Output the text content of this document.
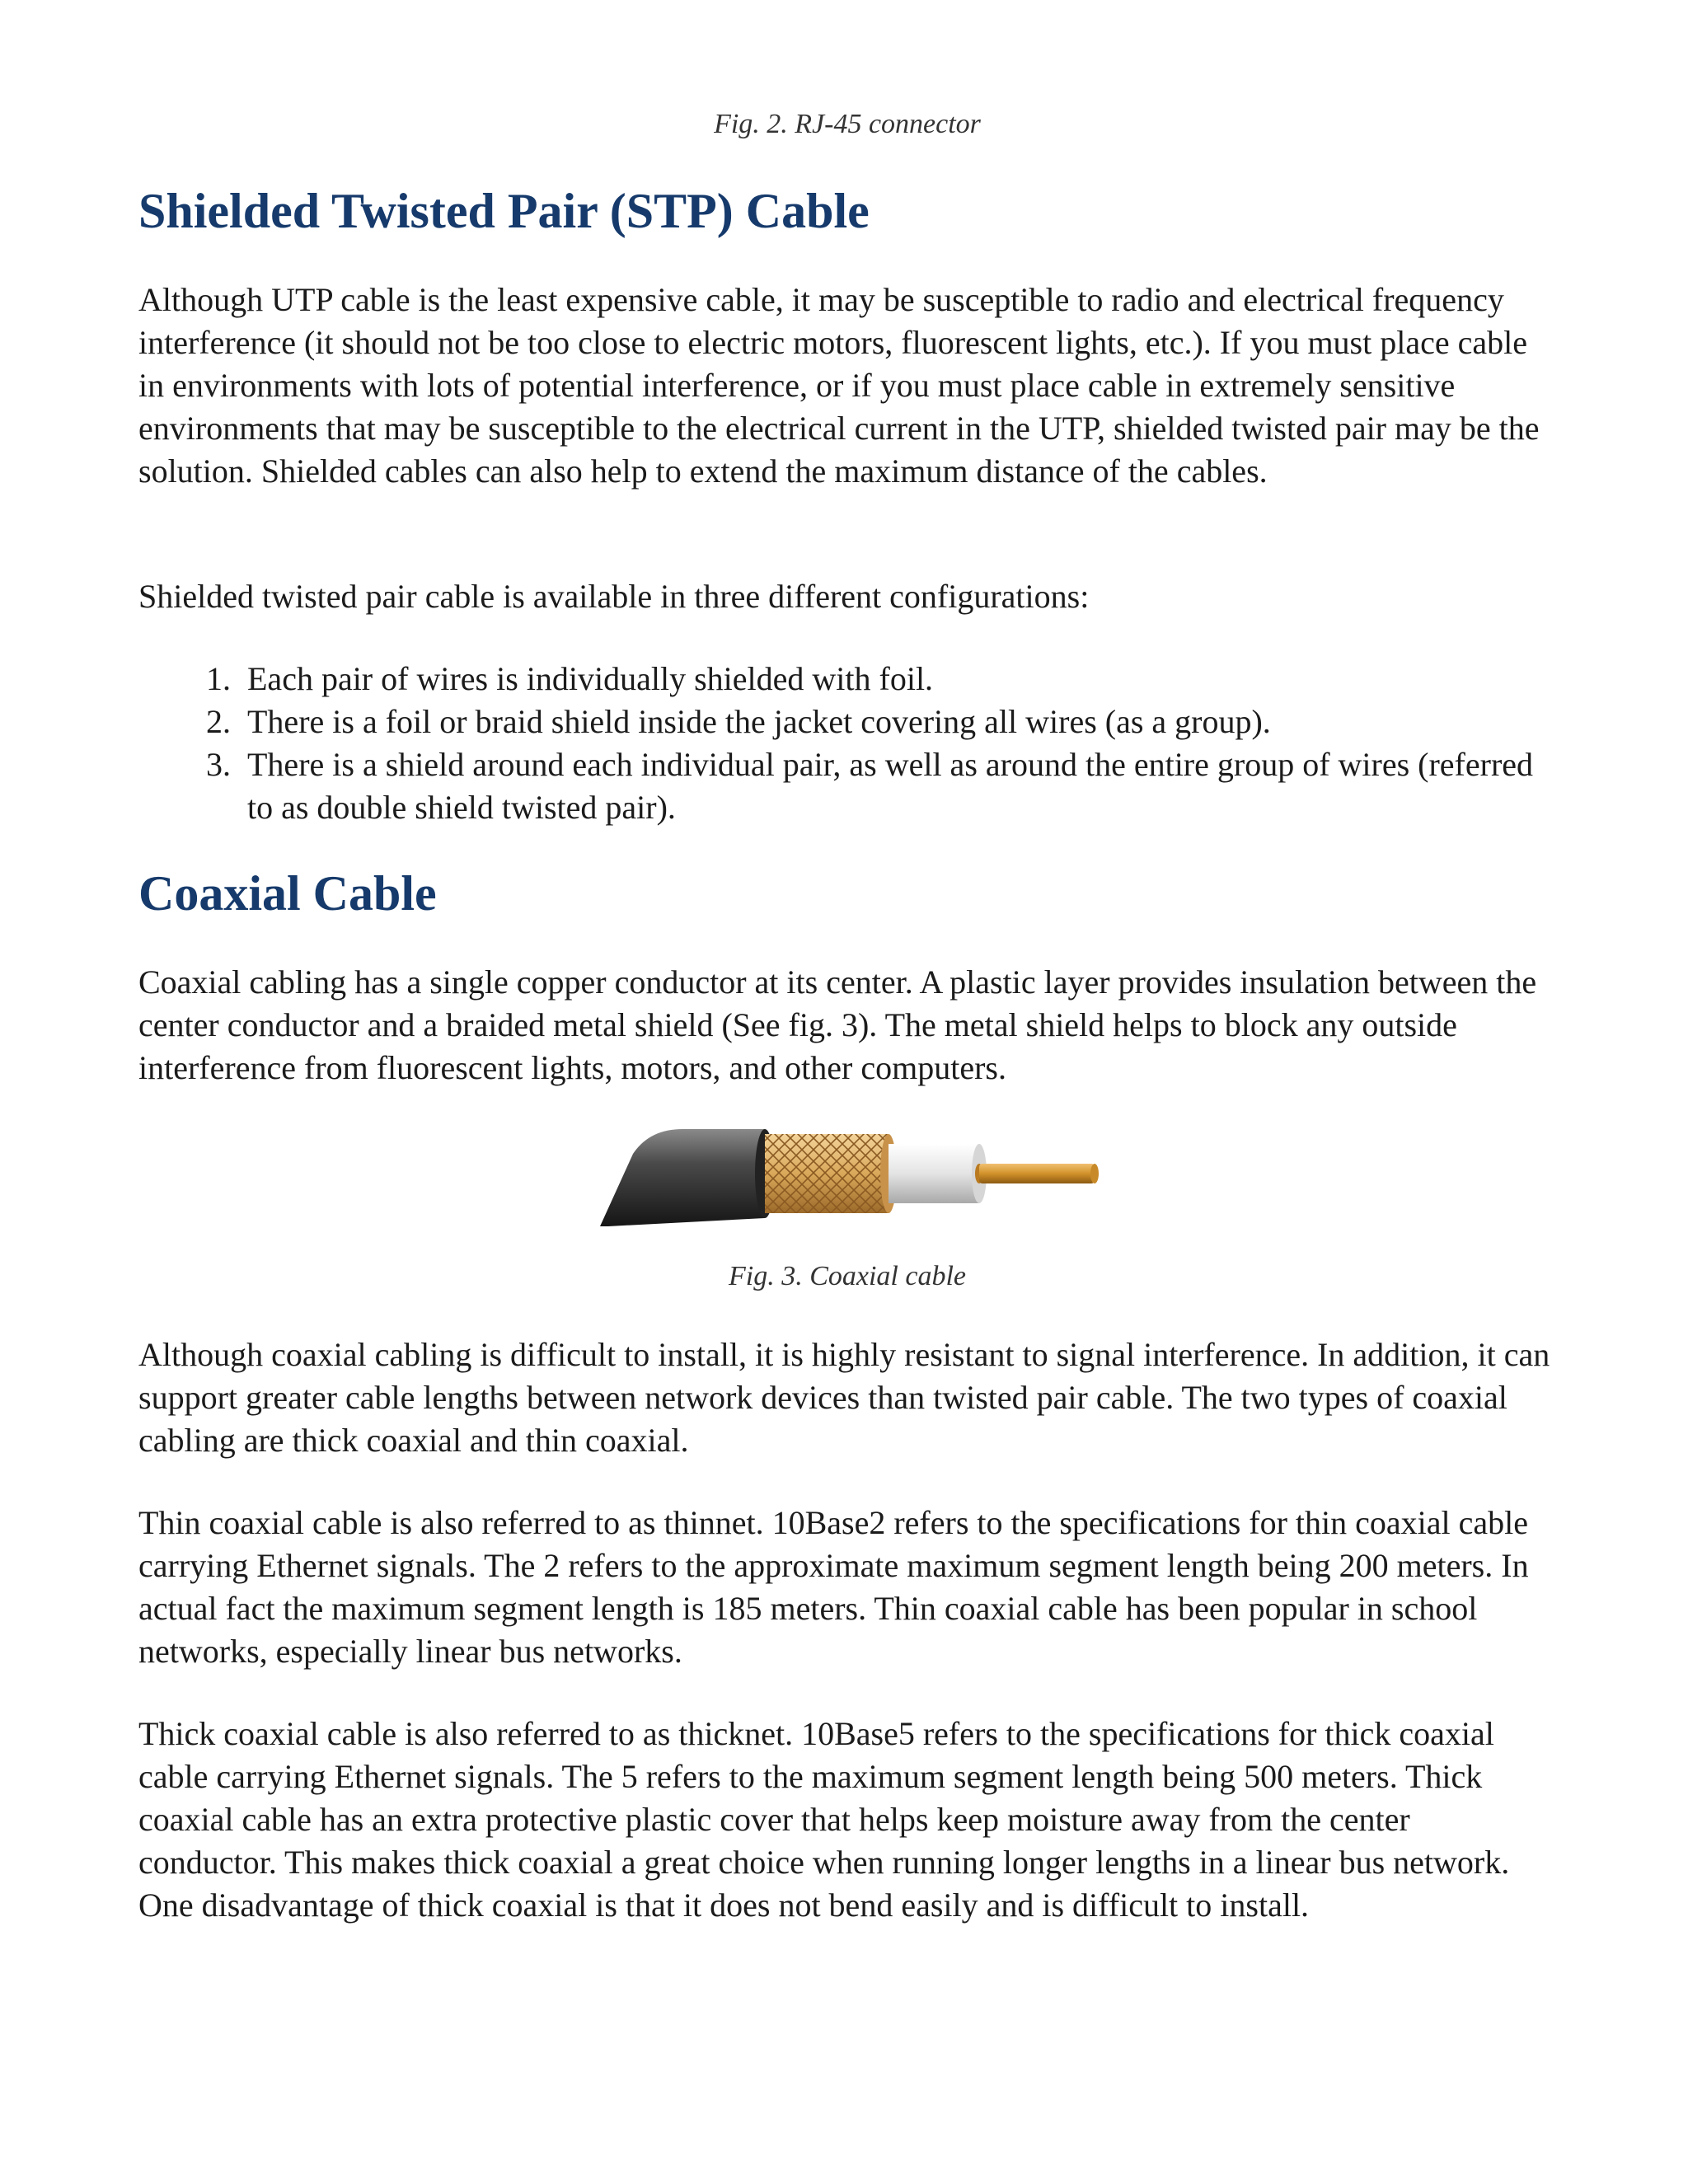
Fig. 2. RJ-45 connector

Shielded Twisted Pair (STP) Cable

Although UTP cable is the least expensive cable, it may be susceptible to radio and electrical frequency interference (it should not be too close to electric motors, fluorescent lights, etc.). If you must place cable in environments with lots of potential interference, or if you must place cable in extremely sensitive environments that may be susceptible to the electrical current in the UTP, shielded twisted pair may be the solution. Shielded cables can also help to extend the maximum distance of the cables.

Shielded twisted pair cable is available in three different configurations:

1. Each pair of wires is individually shielded with foil.
2. There is a foil or braid shield inside the jacket covering all wires (as a group).
3. There is a shield around each individual pair, as well as around the entire group of wires (referred to as double shield twisted pair).
Coaxial Cable

Coaxial cabling has a single copper conductor at its center. A plastic layer provides insulation between the center conductor and a braided metal shield (See fig. 3). The metal shield helps to block any outside interference from fluorescent lights, motors, and other computers.

Fig. 3. Coaxial cable

Although coaxial cabling is difficult to install, it is highly resistant to signal interference. In addition, it can support greater cable lengths between network devices than twisted pair cable. The two types of coaxial cabling are thick coaxial and thin coaxial.

Thin coaxial cable is also referred to as thinnet. 10Base2 refers to the specifications for thin coaxial cable carrying Ethernet signals. The 2 refers to the approximate maximum segment length being 200 meters. In actual fact the maximum segment length is 185 meters. Thin coaxial cable has been popular in school networks, especially linear bus networks.

Thick coaxial cable is also referred to as thicknet. 10Base5 refers to the specifications for thick coaxial cable carrying Ethernet signals. The 5 refers to the maximum segment length being 500 meters. Thick coaxial cable has an extra protective plastic cover that helps keep moisture away from the center conductor. This makes thick coaxial a great choice when running longer lengths in a linear bus network. One disadvantage of thick coaxial is that it does not bend easily and is difficult to install.
